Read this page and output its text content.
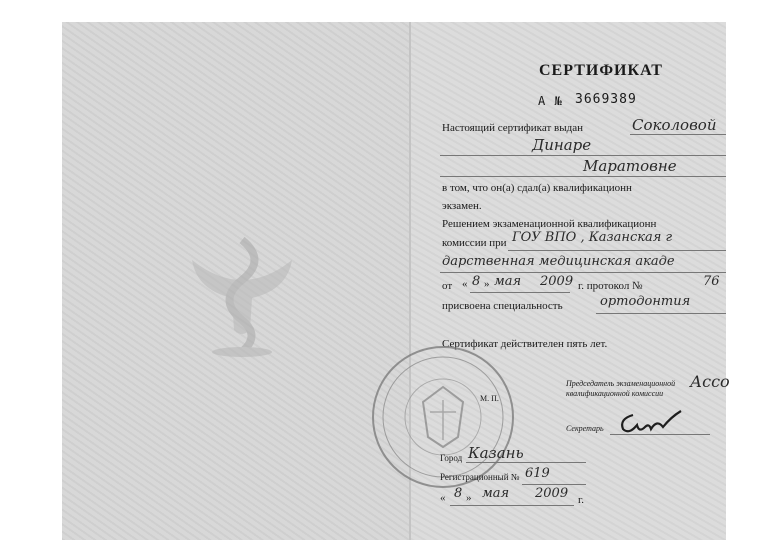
СЕРТИФИКАТ
А № 3669389
Настоящий сертификат выдан	Соколовой
Динаре
Маратовне
в том, что он(а) сдал(а) квалификационн
экзамен.
Решением экзаменационной квалификационн
комиссии при ГОУ ВПО , Казанская г
дарственная медицинская акаде
от « 8 » мая 2009 г. протокол №	76
присвоена специальность	ортодонтия
Сертификат действителен пять лет.
М. П.
Председатель экзаменационной
квалификационной комиссии
Ассо
Секретарь
Город Казань
Регистрационный № 619
« 8 » мая 2009 г.
